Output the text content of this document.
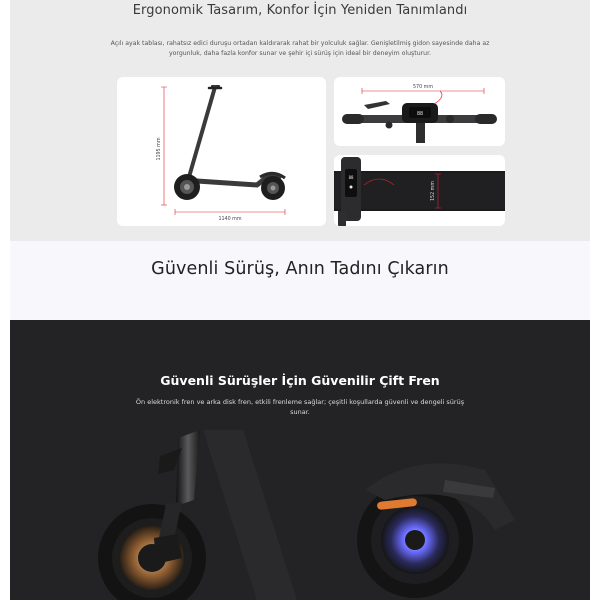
Ergonomik Tasarım, Konfor İçin Yeniden Tanımlandı
Açılı ayak tablası, rahatsız edici duruşu ortadan kaldırarak rahat bir yolculuk sağlar. Genişletilmiş gidon sayesinde daha az yorgunluk, daha fazla konfor sunar ve şehir içi sürüş için ideal bir deneyim oluşturur.
1195 mm
1140 mm
570 mm
88
88
152 mm
Güvenli Sürüş, Anın Tadını Çıkarın
Güvenli Sürüşler İçin Güvenilir Çift Fren
Ön elektronik fren ve arka disk fren, etkili frenleme sağlar; çeşitli koşullarda güvenli ve dengeli sürüş sunar.
